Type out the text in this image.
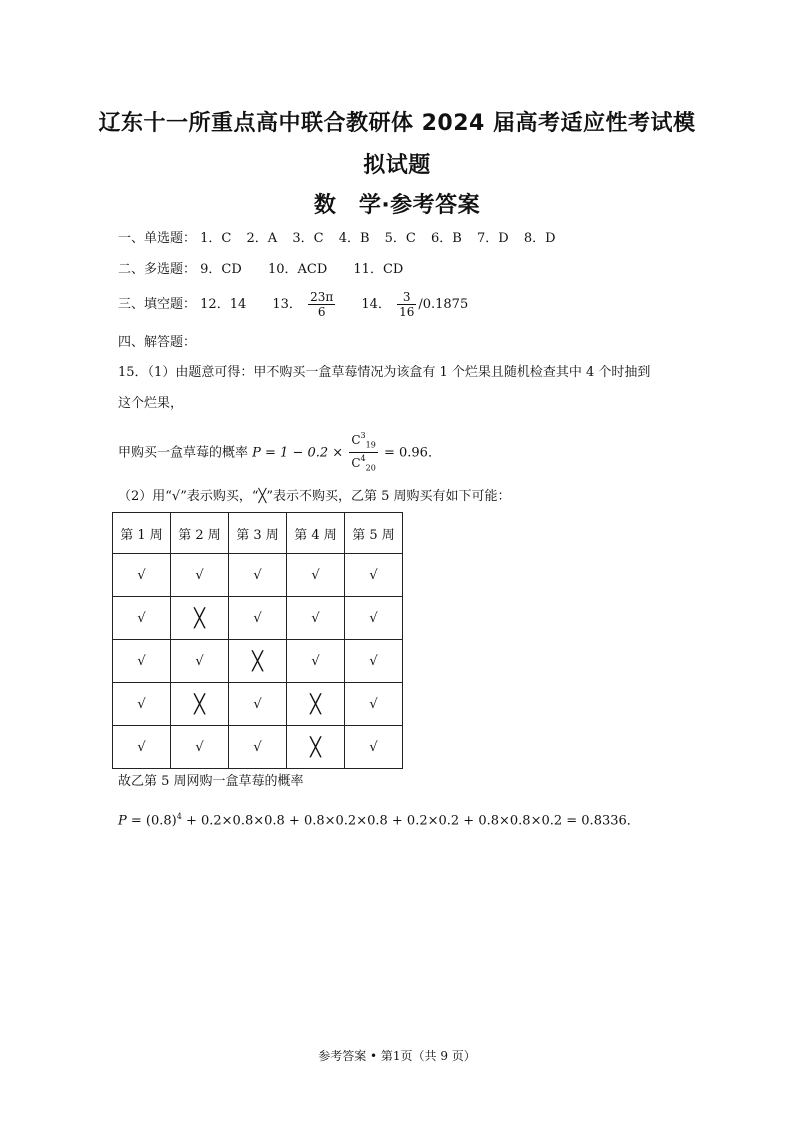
辽东十一所重点高中联合教研体 2024 届高考适应性考试模
拟试题
数　学·参考答案
一、单选题： 1．C 2．A 3．C 4．B 5．C 6．B 7．D 8．D
二、多选题： 9．CD 10．ACD 11．CD
三、填空题： 12．14 13． $\frac{23\pi}{6} 14$． $\frac{3}{16} /0.1875$
四、解答题：
15．（1）由题意可得：甲不购买一盒草莓情况为该盒有 1 个烂果且随机检查其中 4 个时抽到
这个烂果，
甲购买一盒草莓的概率 $P = 1 - 0.2 \times \frac{C^3_{19}}{C^4_{20}} = 0.96$．
（2）用“√”表示购买，“╳”表示不购买，乙第 5 周购买有如下可能：
第 1 周	第 2 周	第 3 周	第 4 周	第 5 周
√	√	√	√	√
√	╳	√	√	√
√	√	╳	√	√
√	╳	√	╳	√
√	√	√	╳	√
故乙第 5 周网购一盒草莓的概率
$P = (0.8)^4 + 0.2\times 0.8\times 0.8 + 0.8\times 0.2\times 0.8 + 0.2\times 0.2 + 0.8\times 0.8\times 0.2 = 0.8336$．
参考答案 • 第1页（共 9 页）
